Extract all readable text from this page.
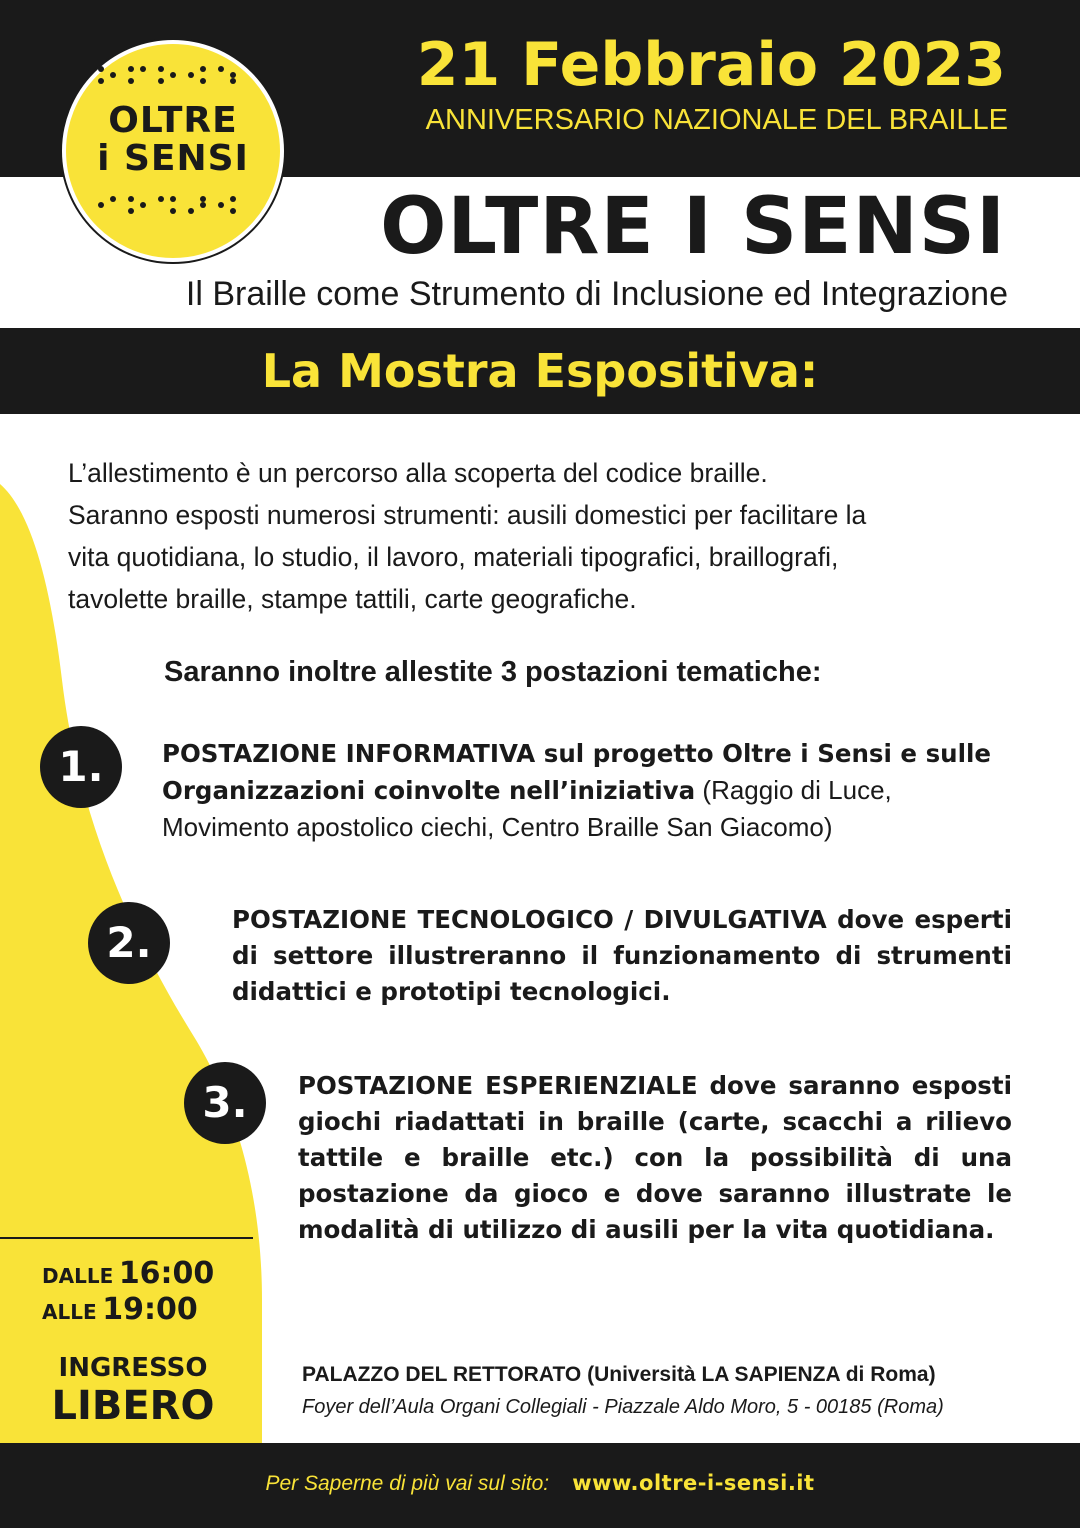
OLTRE
i SENSI
21 Febbraio 2023
ANNIVERSARIO NAZIONALE DEL BRAILLE
OLTRE I SENSI
Il Braille come Strumento di Inclusione ed Integrazione
La Mostra Espositiva:

L’allestimento è un percorso alla scoperta del codice braille.

Saranno esposti numerosi strumenti: ausili domestici per facilitare la

vita quotidiana, lo studio, il lavoro, materiali tipografici, braillografi,

tavolette braille, stampe tattili, carte geografiche.

Saranno inoltre allestite 3 postazioni tematiche:
1.	POSTAZIONE INFORMATIVA sul progetto Oltre i Sensi e sulle Organizzazioni coinvolte nell’iniziativa (Raggio di Luce, Movimento apostolico ciechi, Centro Braille San Giacomo)
2.	POSTAZIONE TECNOLOGICO / DIVULGATIVA dove esperti di settore illustreranno il funzionamento di strumenti didattici e prototipi tecnologici.
3.	POSTAZIONE ESPERIENZIALE dove saranno esposti giochi riadattati in braille (carte, scacchi a rilievo tattile e braille etc.) con la possibilità di una postazione da gioco e dove saranno illustrate le modalità di utilizzo di ausili per la vita quotidiana.
DALLE 16:00
ALLE 19:00
INGRESSO
LIBERO
PALAZZO DEL RETTORATO (Università LA SAPIENZA di Roma)
Foyer dell’Aula Organi Collegiali - Piazzale Aldo Moro, 5 - 00185 (Roma)
Per Saperne di più vai sul sito: www.oltre-i-sensi.it
